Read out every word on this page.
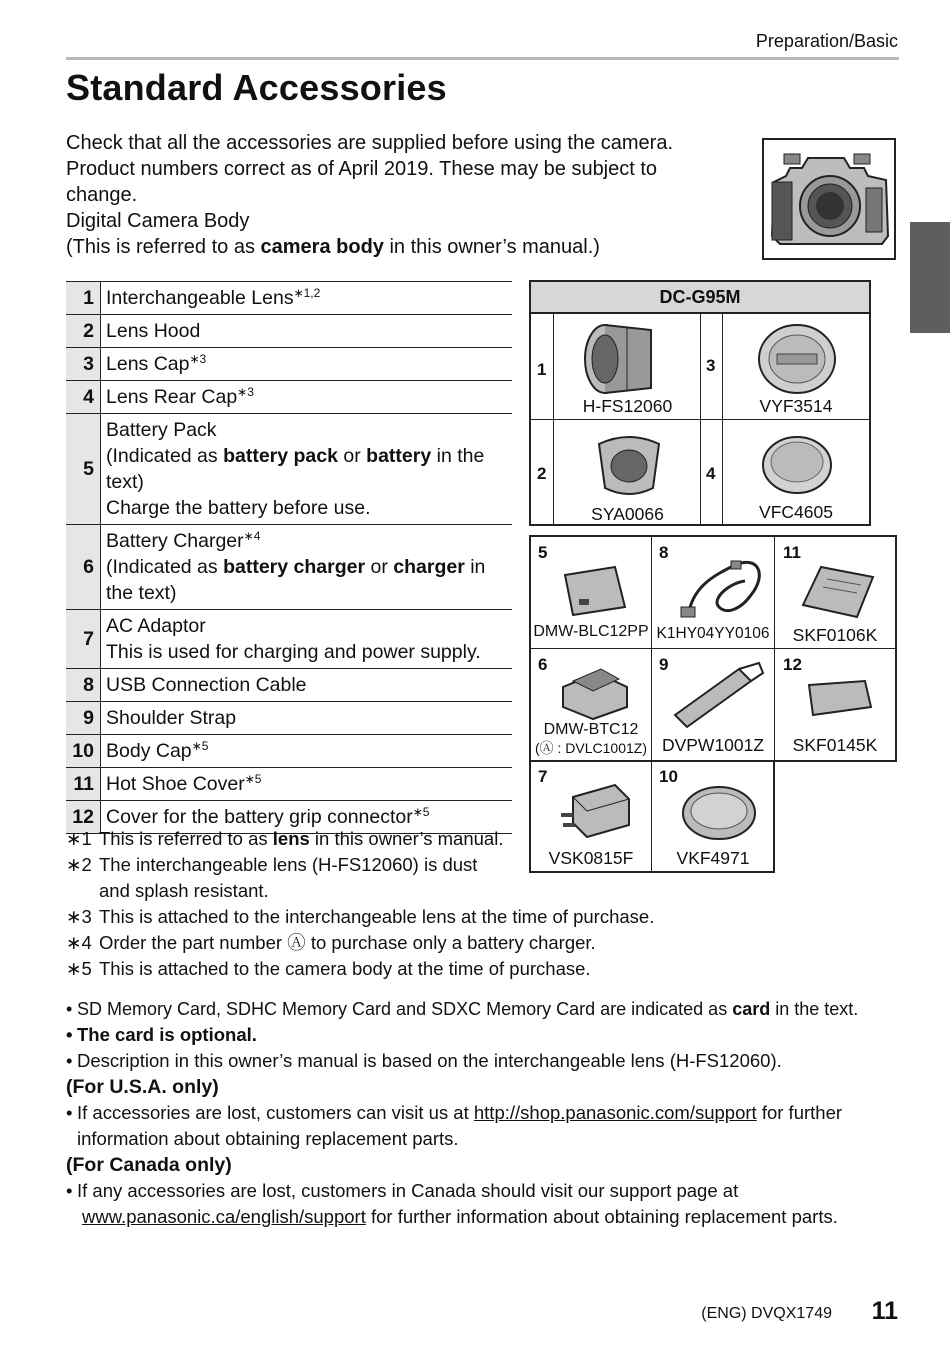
Preparation/Basic
Standard Accessories

Check that all the accessories are supplied before using the camera.

Product numbers correct as of April 2019. These may be subject to

change.

Digital Camera Body

(This is referred to as camera body in this owner’s manual.)

1	Interchangeable Lens$^{∗1,2}$
2	Lens Hood
3	Lens Cap$^{∗3}$
4	Lens Rear Cap$^{∗3}$
5	Battery Pack
(Indicated as battery pack or battery in the
text)
Charge the battery before use.

6	Battery Charger$^{∗4}$
(Indicated as battery charger or charger in
the text)

7	AC Adaptor
This is used for charging and power supply.

8	USB Connection Cable
9	Shoulder Strap
10	Body Cap$^{∗5}$
11	Hot Shoe Cover$^{∗5}$
12	Cover for the battery grip connector$^{∗5}$
DC-G95M
1
H-FS12060
3
VYF3514
2
SYA0066
4
VFC4605
5
DMW-BLC12PP
8
K1HY04YY0106
11
SKF0106K
6
DMW-BTC12
(Ⓐ : DVLC1001Z)
9
DVPW1001Z
12
SKF0145K
7
VSK0815F
10
VKF4971
∗1 This is referred to as lens in this owner’s manual.
∗2 The interchangeable lens (H-FS12060) is dust
and splash resistant.
∗3 This is attached to the interchangeable lens at the time of purchase.
∗4 Order the part number Ⓐ to purchase only a battery charger.
∗5 This is attached to the camera body at the time of purchase.
• SD Memory Card, SDHC Memory Card and SDXC Memory Card are indicated as card in the text.
• The card is optional.
• Description in this owner’s manual is based on the interchangeable lens (H-FS12060).
(For U.S.A. only)
• If accessories are lost, customers can visit us at http://shop.panasonic.com/support for further
information about obtaining replacement parts.
(For Canada only)
• If any accessories are lost, customers in Canada should visit our support page at
www.panasonic.ca/english/support for further information about obtaining replacement parts.
(ENG) DVQX1749 11
